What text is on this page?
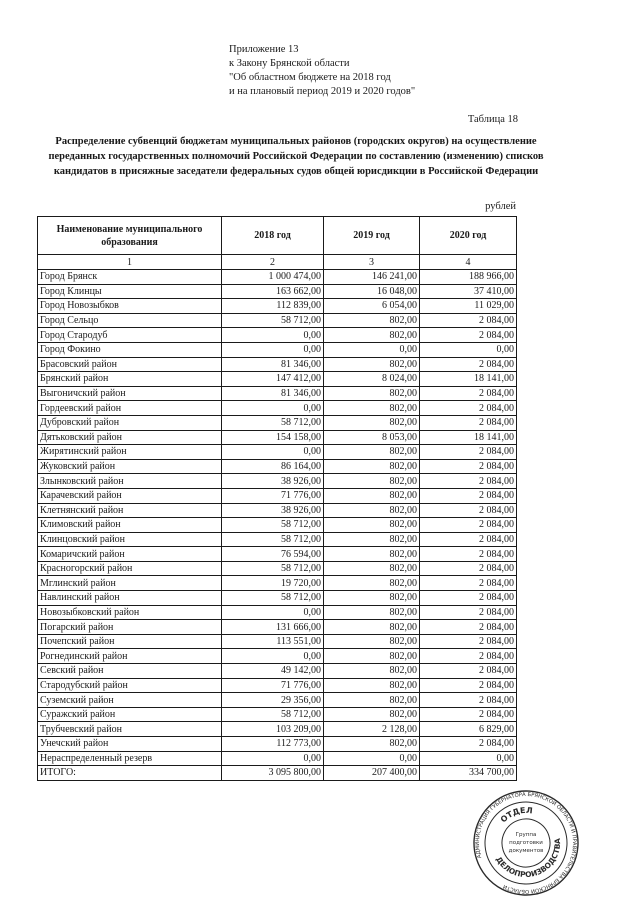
Приложение 13
к Закону Брянской области
"Об областном бюджете на 2018 год
и на плановый период 2019 и 2020 годов"
Таблица 18
Распределение субвенций бюджетам муниципальных районов (городских округов) на осуществление переданных государственных полномочий Российской Федерации по составлению (изменению) списков кандидатов в присяжные заседатели федеральных судов общей юрисдикции в Российской Федерации
рублей
Наименование муниципального образования	2018 год	2019 год	2020 год
1	2	3	4
Город Брянск	1 000 474,00	146 241,00	188 966,00
Город Клинцы	163 662,00	16 048,00	37 410,00
Город Новозыбков	112 839,00	6 054,00	11 029,00
Город Сельцо	58 712,00	802,00	2 084,00
Город Стародуб	0,00	802,00	2 084,00
Город Фокино	0,00	0,00	0,00
Брасовский район	81 346,00	802,00	2 084,00
Брянский район	147 412,00	8 024,00	18 141,00
Выгоничский район	81 346,00	802,00	2 084,00
Гордеевский район	0,00	802,00	2 084,00
Дубровский район	58 712,00	802,00	2 084,00
Дятьковский район	154 158,00	8 053,00	18 141,00
Жирятинский район	0,00	802,00	2 084,00
Жуковский район	86 164,00	802,00	2 084,00
Злынковский район	38 926,00	802,00	2 084,00
Карачевский район	71 776,00	802,00	2 084,00
Клетнянский район	38 926,00	802,00	2 084,00
Климовский район	58 712,00	802,00	2 084,00
Клинцовский район	58 712,00	802,00	2 084,00
Комаричский район	76 594,00	802,00	2 084,00
Красногорский район	58 712,00	802,00	2 084,00
Мглинский район	19 720,00	802,00	2 084,00
Навлинский район	58 712,00	802,00	2 084,00
Новозыбковский район	0,00	802,00	2 084,00
Погарский район	131 666,00	802,00	2 084,00
Почепский район	113 551,00	802,00	2 084,00
Рогнединский район	0,00	802,00	2 084,00
Севский район	49 142,00	802,00	2 084,00
Стародубский район	71 776,00	802,00	2 084,00
Суземский район	29 356,00	802,00	2 084,00
Суражский район	58 712,00	802,00	2 084,00
Трубчевский район	103 209,00	2 128,00	6 829,00
Унечский район	112 773,00	802,00	2 084,00
Нераспределенный резерв	0,00	0,00	0,00
ИТОГО:	3 095 800,00	207 400,00	334 700,00
АДМИНИСТРАЦИЯ ГУБЕРНАТОРА БРЯНСКОЙ ОБЛАСТИ И ПРАВИТЕЛЬСТВА БРЯНСКОЙ ОБЛАСТИ
ОТДЕЛ
ДЕЛОПРОИЗВОДСТВА
Группа
подготовки
документов
